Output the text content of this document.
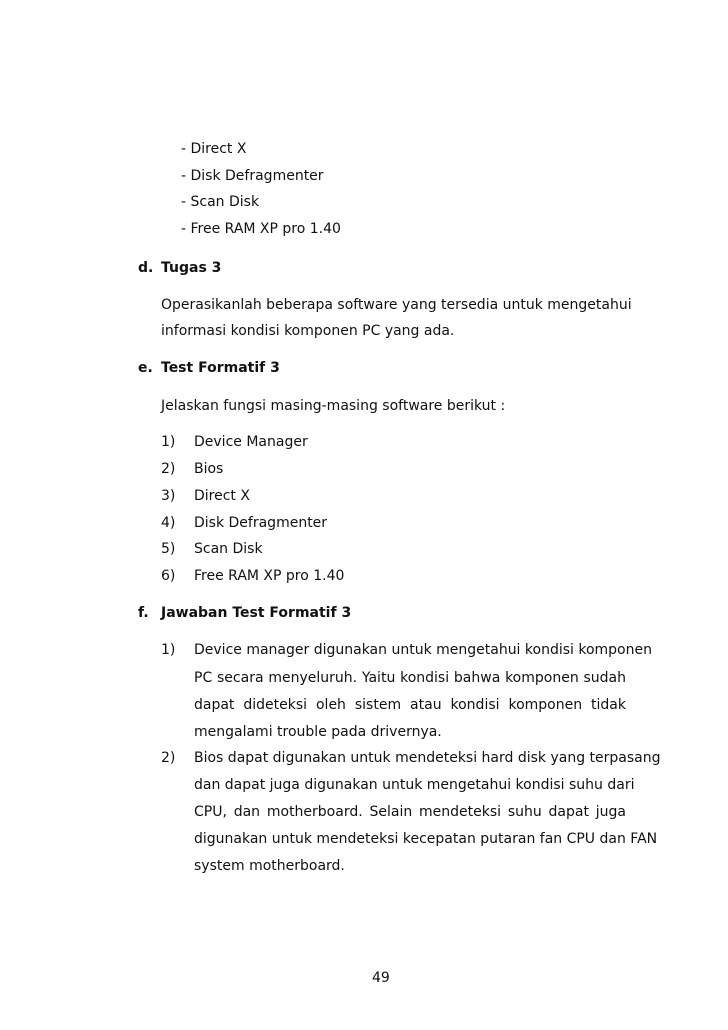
- Direct X
- Disk Defragmenter
- Scan Disk
- Free RAM XP pro 1.40
d. Tugas 3
Operasikanlah beberapa software yang tersedia untuk mengetahui
informasi kondisi komponen PC yang ada.
e. Test Formatif 3
Jelaskan fungsi masing-masing software berikut :
1) Device Manager
2) Bios
3) Direct X
4) Disk Defragmenter
5) Scan Disk
6) Free RAM XP pro 1.40
f. Jawaban Test Formatif 3
1) Device manager digunakan untuk mengetahui kondisi komponen
PC secara menyeluruh. Yaitu kondisi bahwa komponen sudah
dapat dideteksi oleh sistem atau kondisi komponen tidak
mengalami trouble pada drivernya.
2) Bios dapat digunakan untuk mendeteksi hard disk yang terpasang
dan dapat juga digunakan untuk mengetahui kondisi suhu dari
CPU, dan motherboard. Selain mendeteksi suhu dapat juga
digunakan untuk mendeteksi kecepatan putaran fan CPU dan FAN
system motherboard.
49
